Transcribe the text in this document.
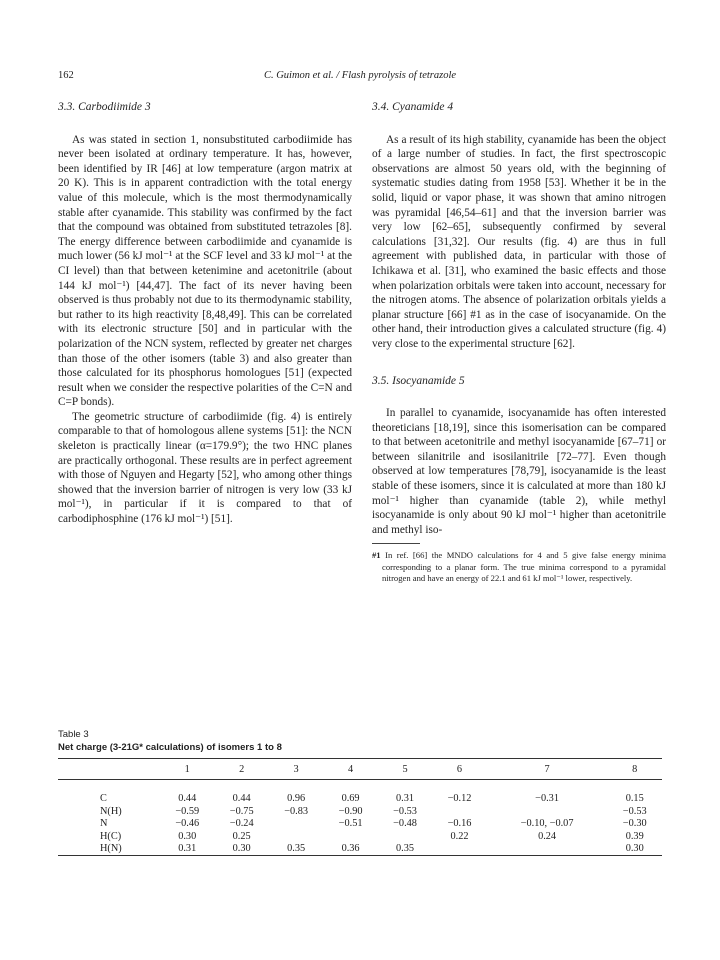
162	C. Guimon et al. / Flash pyrolysis of tetrazole
3.3. Carbodiimide 3

As was stated in section 1, nonsubstituted carbodiimide has never been isolated at ordinary temperature. It has, however, been identified by IR [46] at low temperature (argon matrix at 20 K). This is in apparent contradiction with the total energy value of this molecule, which is the most thermodynamically stable after cyanamide. This stability was confirmed by the fact that the compound was obtained from substituted tetrazoles [8]. The energy difference between carbodiimide and cyanamide is much lower (56 kJ mol⁻¹ at the SCF level and 33 kJ mol⁻¹ at the CI level) than that between ketenimine and acetonitrile (about 144 kJ mol⁻¹) [44,47]. The fact of its never having been observed is thus probably not due to its thermodynamic stability, but rather to its high reactivity [8,48,49]. This can be correlated with its electronic structure [50] and in particular with the polarization of the NCN system, reflected by greater net charges than those of the other isomers (table 3) and also greater than those calculated for its phosphorus homologues [51] (expected result when we consider the respective polarities of the C=N and C=P bonds).

The geometric structure of carbodiimide (fig. 4) is entirely comparable to that of homologous allene systems [51]: the NCN skeleton is practically linear (α=179.9°); the two HNC planes are practically orthogonal. These results are in perfect agreement with those of Nguyen and Hegarty [52], who among other things showed that the inversion barrier of nitrogen is very low (33 kJ mol⁻¹), in particular if it is compared to that of carbodiphosphine (176 kJ mol⁻¹) [51].

3.4. Cyanamide 4

As a result of its high stability, cyanamide has been the object of a large number of studies. In fact, the first spectroscopic observations are almost 50 years old, with the beginning of systematic studies dating from 1958 [53]. Whether it be in the solid, liquid or vapor phase, it was shown that amino nitrogen was pyramidal [46,54–61] and that the inversion barrier was very low [62–65], subsequently confirmed by several calculations [31,32]. Our results (fig. 4) are thus in full agreement with published data, in particular with those of Ichikawa et al. [31], who examined the basic effects and those when polarization orbitals were taken into account, necessary for the nitrogen atoms. The absence of polarization orbitals yields a planar structure [66] #1 as in the case of isocyanamide. On the other hand, their introduction gives a calculated structure (fig. 4) very close to the experimental structure [62].

3.5. Isocyanamide 5

In parallel to cyanamide, isocyanamide has often interested theoreticians [18,19], since this isomerisation can be compared to that between acetonitrile and methyl isocyanamide [67–71] or between silanitrile and isosilanitrile [72–77]. Even though observed at low temperatures [78,79], isocyanamide is the least stable of these isomers, since it is calculated at more than 180 kJ mol⁻¹ higher than cyanamide (table 2), while methyl isocyanamide is only about 90 kJ mol⁻¹ higher than acetonitrile and methyl iso-

#1 In ref. [66] the MNDO calculations for 4 and 5 give false energy minima corresponding to a planar form. The true minima correspond to a pyramidal nitrogen and have an energy of 22.1 and 61 kJ mol⁻¹ lower, respectively.
Table 3
Net charge (3-21G* calculations) of isomers 1 to 8
	1	2	3	4	5	6	7	8

C	0.44	0.44	0.96	0.69	0.31	−0.12	−0.31	0.15
N(H)	−0.59	−0.75	−0.83	−0.90	−0.53			−0.53
N	−0.46	−0.24		−0.51	−0.48	−0.16	−0.10, −0.07	−0.30
H(C)	0.30	0.25				0.22	0.24	0.39
H(N)	0.31	0.30	0.35	0.36	0.35			0.30
